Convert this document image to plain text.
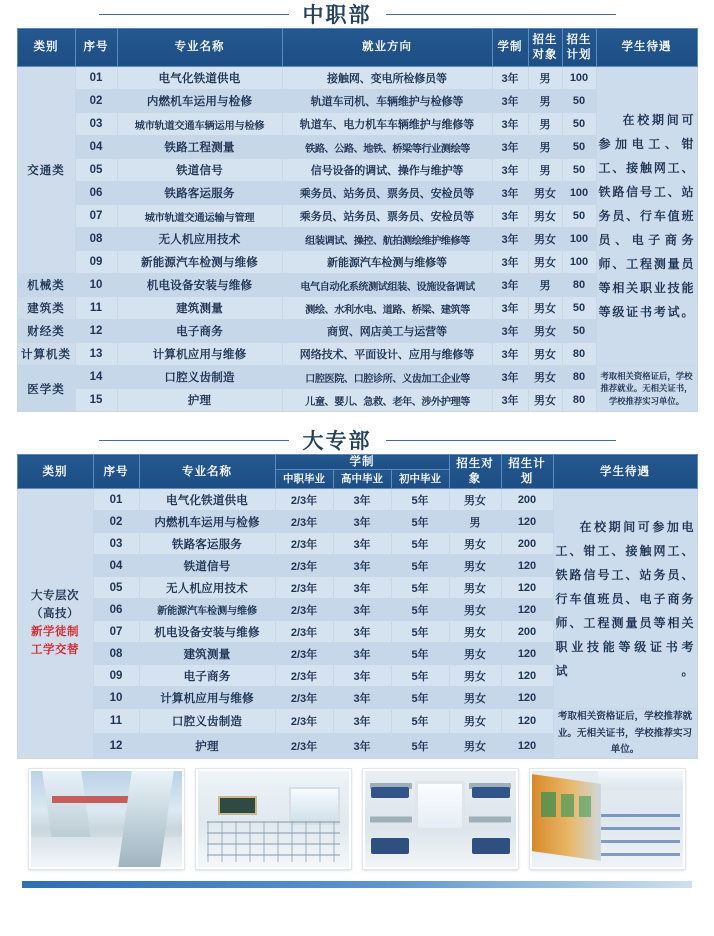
中职部
类别	序号	专业名称	就业方向	学制	招生对象	招生计划	学生待遇
交通类	01	电气化铁道供电	接触网、变电所检修员等	3年	男	100	在校期间可参加电工、钳工、接触网工、铁路信号工、站务员、行车值班员、电子商务师、工程测量员等相关职业技能等级证书考试。

	02	内燃机车运用与检修	轨道车司机、车辆维护与检修等	3年	男	50	
	03	城市轨道交通车辆运用与检修	轨道车、电力机车车辆维护与维修等	3年	男	50	
	04	铁路工程测量	铁路、公路、地铁、桥梁等行业测绘等	3年	男	50	
	05	铁道信号	信号设备的调试、操作与维护等	3年	男	50	
	06	铁路客运服务	乘务员、站务员、票务员、安检员等	3年	男女	100	
	07	城市轨道交通运输与管理	乘务员、站务员、票务员、安检员等	3年	男女	50	
	08	无人机应用技术	组装调试、操控、航拍测绘维护维修等	3年	男女	100	
	09	新能源汽车检测与维修	新能源汽车检测与维修等	3年	男女	100	
机械类	10	机电设备安装与维修	电气自动化系统测试组装、设施设备调试	3年	男	80	
建筑类	11	建筑测量	测绘、水利水电、道路、桥梁、建筑等	3年	男女	50	
财经类	12	电子商务	商贸、网店美工与运营等	3年	男女	50	
计算机类	13	计算机应用与维修	网络技术、平面设计、应用与维修等	3年	男女	80	
医学类	14	口腔义齿制造	口腔医院、口腔诊所、义齿加工企业等	3年	男女	80	考取相关资格证后，学校推荐就业。无相关证书，学校推荐实习单位。
	15	护理	儿童、婴儿、急救、老年、涉外护理等	3年	男女	80	
大专部
类别	序号	专业名称	学制			招生对象	招生计划	学生待遇
			中职毕业	高中毕业	初中毕业			

大专层次
（高技）
新学徒制
工学交替	01	电气化铁道供电	2/3年	3年	5年	男女	200	在校期间可参加电工、钳工、接触网工、铁路信号工、站务员、行车值班员、电子商务师、工程测量员等相关职业技能等级证书考试。

	02	内燃机车运用与检修	2/3年	3年	5年	男	120	
	03	铁路客运服务	2/3年	3年	5年	男女	200	
	04	铁道信号	2/3年	3年	5年	男女	120	
	05	无人机应用技术	2/3年	3年	5年	男女	120	
	06	新能源汽车检测与维修	2/3年	3年	5年	男女	120	
	07	机电设备安装与维修	2/3年	3年	5年	男女	200	
	08	建筑测量	2/3年	3年	5年	男女	120	
	09	电子商务	2/3年	3年	5年	男女	120	
	10	计算机应用与维修	2/3年	3年	5年	男女	120	
	11	口腔义齿制造	2/3年	3年	5年	男女	120	考取相关资格证后，学校推荐就业。无相关证书，学校推荐实习单位。
	12	护理	2/3年	3年	5年	男女	120	
